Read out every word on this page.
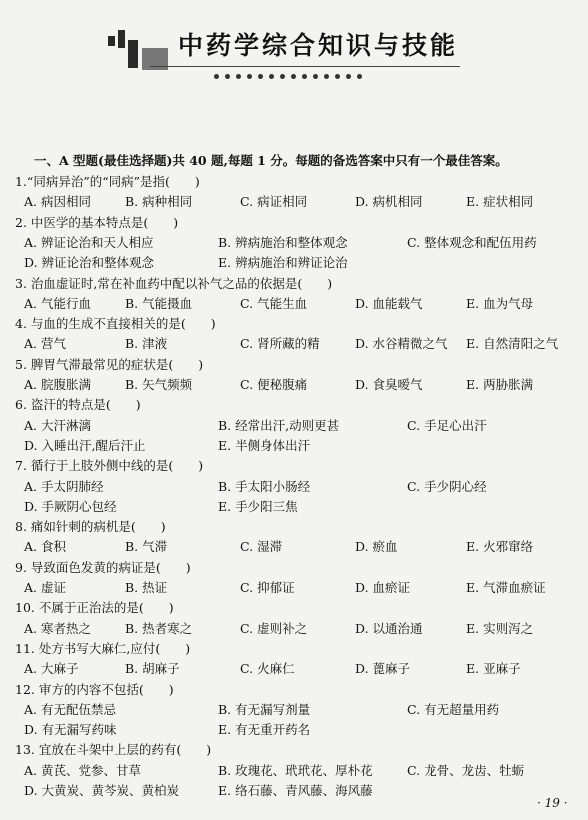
中药学综合知识与技能
一、A 型题(最佳选择题)共 40 题,每题 1 分。每题的备选答案中只有一个最佳答案。
1.“同病异治”的“同病”是指(　　)
A. 病因相同	B. 病种相同	C. 病证相同	D. 病机相同	E. 症状相同
2. 中医学的基本特点是(　　)
A. 辨证论治和天人相应	B. 辨病施治和整体观念	C. 整体观念和配伍用药
D. 辨证论治和整体观念	E. 辨病施治和辨证论治
3. 治血虚证时,常在补血药中配以补气之品的依据是(　　)
A. 气能行血	B. 气能摄血	C. 气能生血	D. 血能载气	E. 血为气母
4. 与血的生成不直接相关的是(　　)
A. 营气	B. 津液	C. 肾所藏的精	D. 水谷精微之气 E. 自然清阳之气
5. 脾胃气滞最常见的症状是(　　)
A. 脘腹胀满	B. 矢气频频	C. 便秘腹痛	D. 食臭嗳气	E. 两胁胀满
6. 盗汗的特点是(　　)
A. 大汗淋漓	B. 经常出汗,动则更甚	C. 手足心出汗
D. 入睡出汗,醒后汗止	E. 半侧身体出汗
7. 循行于上肢外侧中线的是(　　)
A. 手太阴肺经	B. 手太阳小肠经	C. 手少阴心经
D. 手厥阴心包经	E. 手少阳三焦
8. 痛如针刺的病机是(　　)
A. 食积	B. 气滞	C. 湿滞	D. 瘀血	E. 火邪窜络
9. 导致面色发黄的病证是(　　)
A. 虚证	B. 热证	C. 抑郁证	D. 血瘀证	E. 气滞血瘀证
10. 不属于正治法的是(　　)
A. 寒者热之	B. 热者寒之	C. 虚则补之	D. 以通治通	E. 实则泻之
11. 处方书写大麻仁,应付(　　)
A. 大麻子	B. 胡麻子	C. 火麻仁	D. 蓖麻子	E. 亚麻子
12. 审方的内容不包括(　　)
A. 有无配伍禁忌	B. 有无漏写剂量	C. 有无超量用药
D. 有无漏写药味	E. 有无重开药名
13. 宜放在斗架中上层的药有(　　)
A. 黄芪、党参、甘草	B. 玫瑰花、玳玳花、厚朴花	C. 龙骨、龙齿、牡蛎
D. 大黄炭、黄芩炭、黄柏炭	E. 络石藤、青风藤、海风藤
· 19 ·
